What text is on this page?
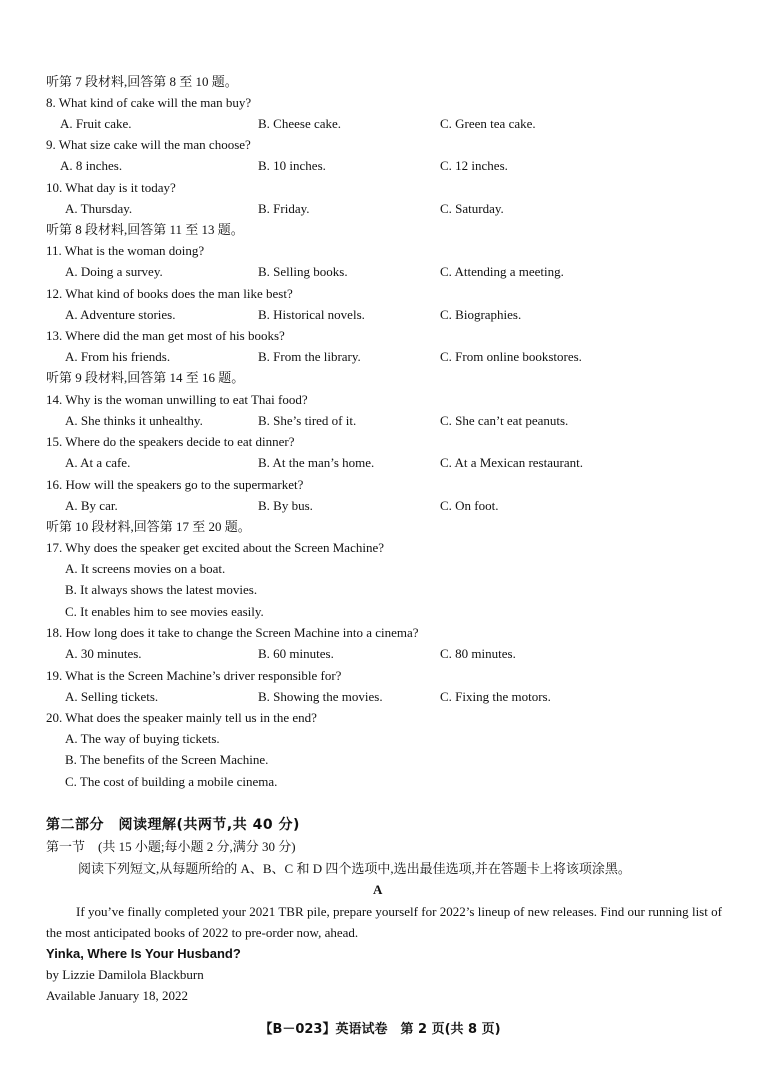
听第 7 段材料,回答第 8 至 10 题。
8. What kind of cake will the man buy?
A. Fruit cake.	B. Cheese cake.	C. Green tea cake.
9. What size cake will the man choose?
A. 8 inches.	B. 10 inches.	C. 12 inches.
10. What day is it today?
A. Thursday.	B. Friday.	C. Saturday.
听第 8 段材料,回答第 11 至 13 题。
11. What is the woman doing?
A. Doing a survey.	B. Selling books.	C. Attending a meeting.
12. What kind of books does the man like best?
A. Adventure stories.	B. Historical novels.	C. Biographies.
13. Where did the man get most of his books?
A. From his friends.	B. From the library.	C. From online bookstores.
听第 9 段材料,回答第 14 至 16 题。
14. Why is the woman unwilling to eat Thai food?
A. She thinks it unhealthy.	B. She’s tired of it.	C. She can’t eat peanuts.
15. Where do the speakers decide to eat dinner?
A. At a cafe.	B. At the man’s home.	C. At a Mexican restaurant.
16. How will the speakers go to the supermarket?
A. By car.	B. By bus.	C. On foot.
听第 10 段材料,回答第 17 至 20 题。
17. Why does the speaker get excited about the Screen Machine?
A. It screens movies on a boat.
B. It always shows the latest movies.
C. It enables him to see movies easily.
18. How long does it take to change the Screen Machine into a cinema?
A. 30 minutes.	B. 60 minutes.	C. 80 minutes.
19. What is the Screen Machine’s driver responsible for?
A. Selling tickets.	B. Showing the movies.	C. Fixing the motors.
20. What does the speaker mainly tell us in the end?
A. The way of buying tickets.
B. The benefits of the Screen Machine.
C. The cost of building a mobile cinema.
第二部分　阅读理解(共两节,共 40 分)
第一节　(共 15 小题;每小题 2 分,满分 30 分)
阅读下列短文,从每题所给的 A、B、C 和 D 四个选项中,选出最佳选项,并在答题卡上将该项涂黑。
A
If you’ve finally completed your 2021 TBR pile, prepare yourself for 2022’s lineup of new releases. Find our running list of the most anticipated books of 2022 to pre-order now, ahead.
Yinka, Where Is Your Husband?
by Lizzie Damilola Blackburn
Available January 18, 2022
【B－023】英语试卷　第 2 页(共 8 页)
